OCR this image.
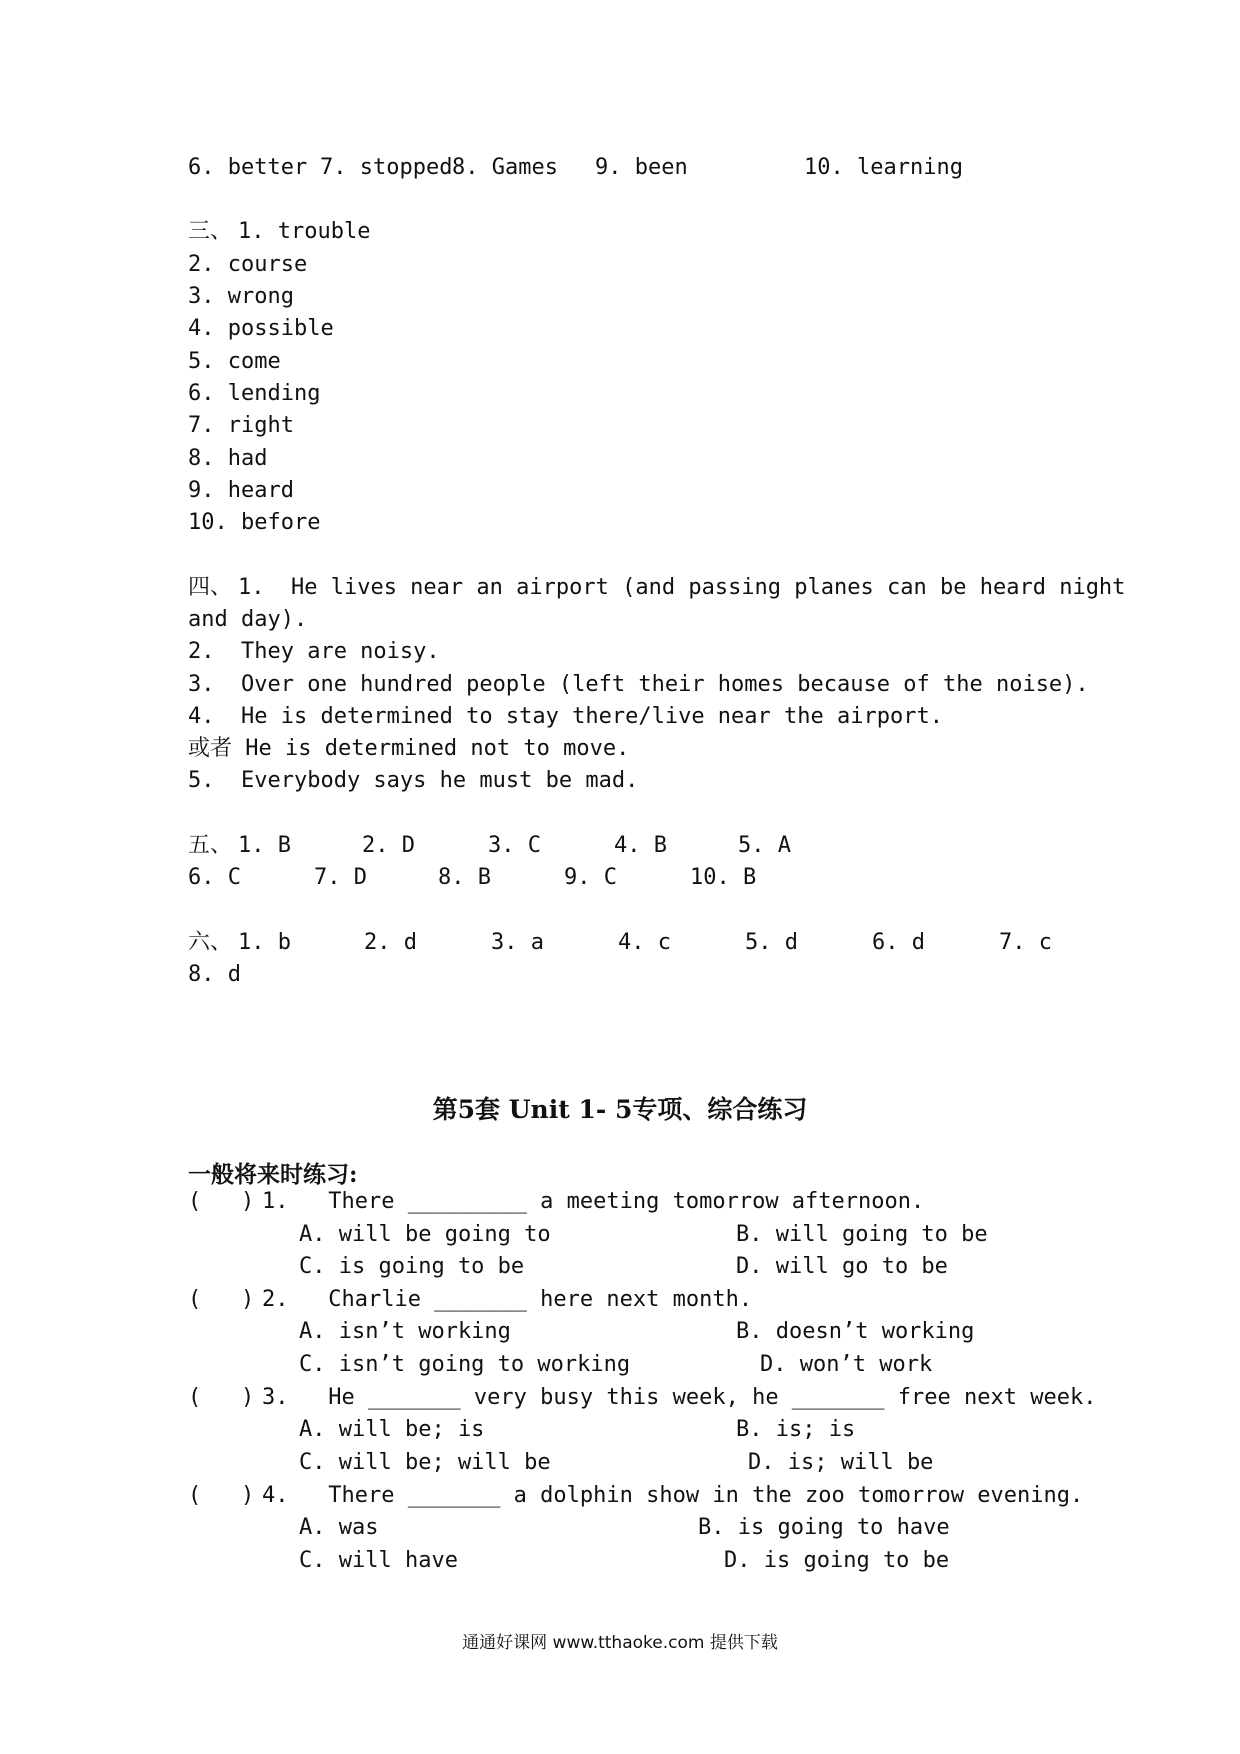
6. better 7. stopped 8. Games 9. been	10. learning
三、 1. trouble
2. course
3. wrong
4. possible
5. come
6. lending
7. right
8. had
9. heard
10. before
四、 1.  He lives near an airport (and passing planes can be heard night
and day).
2.  They are noisy.
3.  Over one hundred people (left their homes because of the noise).
4.  He is determined to stay there/live near the airport.
或者 He is determined not to move.
5.  Everybody says he must be mad.
五、 1. B	2. D	3. C	4. B	5. A
6. C	7. D	8. B	9. C	10. B
六、 1. b	2. d	3. a	4. c	5. d	6. d	7. c
8. d
第5套 Unit 1- 5专项、综合练习
一般将来时练习:
(   ) 1.   There _________ a meeting tomorrow afternoon.
A. will be going to	B. will going to be
C. is going to be	D. will go to be
(   ) 2.   Charlie _______ here next month.
A. isn’t working	B. doesn’t working
C. isn’t going to working	D. won’t work
(   ) 3.   He _______ very busy this week, he _______ free next week.
A. will be; is	B. is; is
C. will be; will be	D. is; will be
(   ) 4.   There _______ a dolphin show in the zoo tomorrow evening.
A. was	B. is going to have
C. will have	D. is going to be
通通好课网 www.tthaoke.com 提供下载
